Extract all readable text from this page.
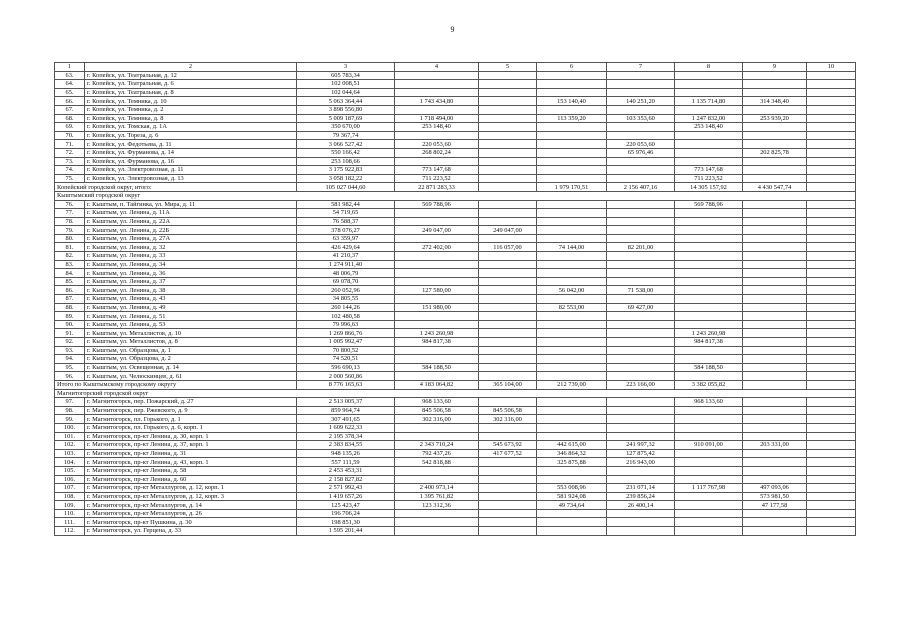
9
1	2	3	4	5	6	7	8	9	10
63.	г. Копейск, ул. Театральная, д. 12	605 783,34							
64.	г. Копейск, ул. Театральная, д. 6	102 008,51							
65.	г. Копейск, ул. Театральная, д. 8	102 044,64							
66.	г. Копейск, ул. Темника, д. 10	5 063 364,44	1 743 434,80		153 140,40	140 251,20	1 135 714,80	314 348,40	
67.	г. Копейск, ул. Темника, д. 2	3 898 556,80							
68.	г. Копейск, ул. Темника, д. 8	5 009 187,69	1 718 494,00		113 359,20	103 353,60	1 247 832,00	253 939,20	
69.	г. Копейск, ул. Томская, д. 1А	350 670,00	253 148,40				253 148,40		
70.	г. Копейск, ул. Тореза, д. 6	79 367,74							
71.	г. Копейск, ул. Федотьева, д. 11	3 066 527,42	220 053,60			220 053,60			
72.	г. Копейск, ул. Фурманова, д. 14	550 166,42	268 802,24			65 976,46		202 825,78	
73.	г. Копейск, ул. Фурманова, д. 16	253 108,66							
74.	г. Копейск, ул. Электровозная, д. 11	3 175 922,83	773 147,68				773 147,68		
75.	г. Копейск, ул. Электровозная, д. 13	3 058 182,22	711 223,52				711 223,52		
Копейский городской округ, итого:		105 027 044,60	22 871 283,33		1 979 170,51	2 156 407,16	14 305 157,92	4 430 547,74	
Кыштымский городской округ									
76.	г. Кыштым, п. Тайгинка, ул. Мира, д. 11	581 982,44	569 788,96				569 788,96		
77.	г. Кыштым, ул. Ленина, д. 11А	54 719,65							
78.	г. Кыштым, ул. Ленина, д. 22А	76 588,37							
79.	г. Кыштым, ул. Ленина, д. 22Б	378 076,27	249 047,00	249 047,00					
80.	г. Кыштым, ул. Ленина, д. 27А	63 359,97							
81.	г. Кыштым, ул. Ленина, д. 32	426 429,64	272 402,00	116 057,00	74 144,00	82 201,00			
82.	г. Кыштым, ул. Ленина, д. 33	41 210,37							
83.	г. Кыштым, ул. Ленина, д. 34	1 274 911,40							
84.	г. Кыштым, ул. Ленина, д. 36	48 006,79							
85.	г. Кыштым, ул. Ленина, д. 37	69 078,70							
86.	г. Кыштым, ул. Ленина, д. 38	260 052,96	127 580,00		56 042,00	71 538,00			
87.	г. Кыштым, ул. Ленина, д. 43	34 805,55							
88.	г. Кыштым, ул. Ленина, д. 49	260 144,26	151 980,00		82 553,00	69 427,00			
89.	г. Кыштым, ул. Ленина, д. 51	102 480,58							
90.	г. Кыштым, ул. Ленина, д. 53	79 996,63							
91.	г. Кыштым, ул. Металлистов, д. 10	1 269 866,76	1 243 260,98				1 243 260,98		
92.	г. Кыштым, ул. Металлистов, д. 8	1 005 992,47	984 817,38				984 817,38		
93.	г. Кыштым, ул. Образцова, д. 1	70 800,52							
94.	г. Кыштым, ул. Образцова, д. 2	74 520,51							
95.	г. Кыштым, ул. Освещенная, д. 14	596 690,13	584 188,50				584 188,50		
96.	г. Кыштым, ул. Челюскинцев, д. 61	2 000 560,86							
Итого по Кыштымскому городскому округу		8 776 165,63	4 183 064,82	365 104,00	212 739,00	223 166,00	3 382 055,82		
Магнитогорский городской округ									
97.	г. Магнитогорск, пер. Пожарский, д. 27	2 513 005,37	968 133,60				968 133,60		
98.	г. Магнитогорск, пер. Ржевского, д. 9	859 964,74	845 506,58	845 506,58					
99.	г. Магнитогорск, пл. Горького, д. 1	307 491,65	302 316,00	302 316,00					
100.	г. Магнитогорск, пл. Горького, д. 6, корп. 1	1 609 622,33							
101.	г. Магнитогорск, пр-кт Ленина, д. 30, корп. 1	2 195 378,34							
102.	г. Магнитогорск, пр-кт Ленина, д. 37, корп. 1	2 383 834,55	2 343 710,24	545 673,92	442 615,00	241 997,32	910 091,00	203 331,00	
103.	г. Магнитогорск, пр-кт Ленина, д. 31	948 135,26	792 437,26	417 677,52	346 864,32	127 875,42			
104.	г. Магнитогорск, пр-кт Ленина, д. 43, корп. 1	557 111,59	542 818,88		325 875,88	216 943,00			
105.	г. Магнитогорск, пр-кт Ленина, д. 58	2 453 453,31							
106.	г. Магнитогорск, пр-кт Ленина, д. 60	2 158 827,82							
107.	г. Магнитогорск, пр-кт Металлургов, д. 12, корп. 1	2 571 992,43	2 400 973,14		553 008,96	231 071,14	1 117 767,98	497 093,06	
108.	г. Магнитогорск, пр-кт Металлургов, д. 12, корп. 3	1 419 657,26	1 395 761,82		581 924,08	239 856,24		573 981,50	
109.	г. Магнитогорск, пр-кт Металлургов, д. 14	125 423,47	123 312,36		49 734,64	26 400,14		47 177,58	
110.	г. Магнитогорск, пр-кт Металлургов, д. 26	196 706,24							
111.	г. Магнитогорск, пр-кт Пушкина, д. 30	198 851,30							
112.	г. Магнитогорск, ул. Герцена, д. 33	1 595 201,44							
